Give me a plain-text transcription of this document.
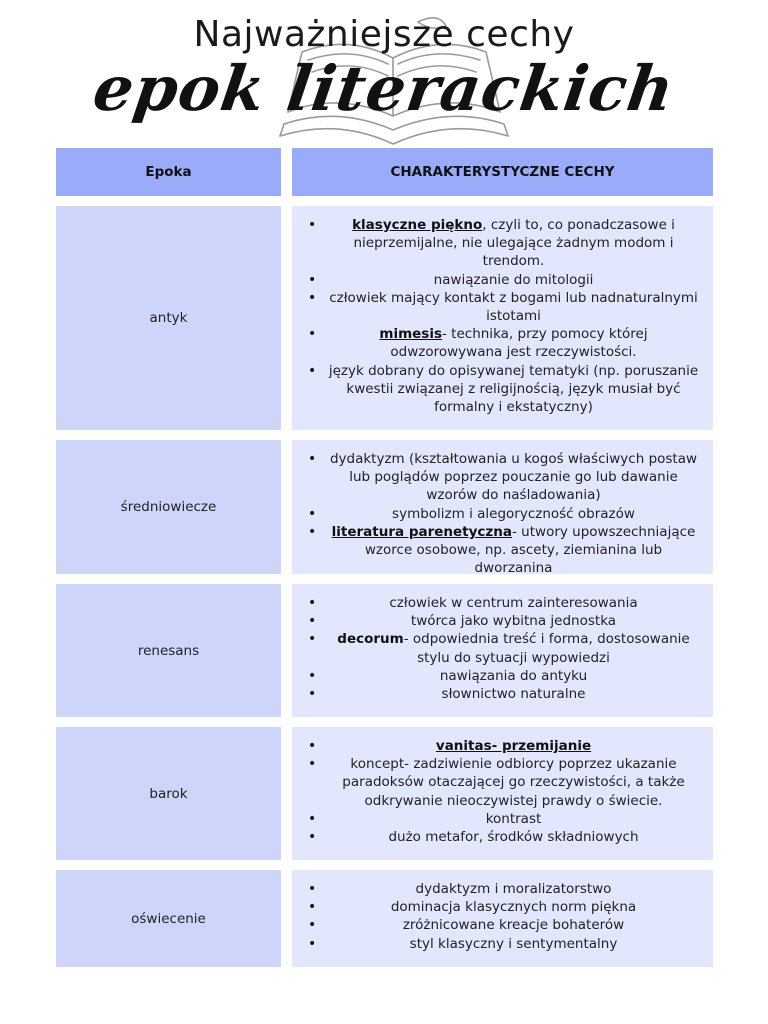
Najważniejsze cechy
epok literackich
Epoka	CHARAKTERYSTYCZNE CECHY
antyk
• klasyczne piękno, czyli to, co ponadczasowe i nieprzemijalne, nie ulegające żadnym modom i trendom.
• nawiązanie do mitologii
• człowiek mający kontakt z bogami lub nadnaturalnymi istotami
• mimesis- technika, przy pomocy której odwzorowywana jest rzeczywistości.
• język dobrany do opisywanej tematyki (np. poruszanie kwestii związanej z religijnością, język musiał być formalny i ekstatyczny)
średniowiecze
• dydaktyzm (kształtowania u kogoś właściwych postaw lub poglądów poprzez pouczanie go lub dawanie wzorów do naśladowania)
• symbolizm i alegoryczność obrazów
• literatura parenetyczna- utwory upowszechniające wzorce osobowe, np. ascety, ziemianina lub dworzanina
renesans
• człowiek w centrum zainteresowania
• twórca jako wybitna jednostka
• decorum- odpowiednia treść i forma, dostosowanie stylu do sytuacji wypowiedzi
• nawiązania do antyku
• słownictwo naturalne
barok
• vanitas- przemijanie
• koncept- zadziwienie odbiorcy poprzez ukazanie paradoksów otaczającej go rzeczywistości, a także odkrywanie nieoczywistej prawdy o świecie.
• kontrast
• dużo metafor, środków składniowych
oświecenie
• dydaktyzm i moralizatorstwo
• dominacja klasycznych norm piękna
• zróżnicowane kreacje bohaterów
• styl klasyczny i sentymentalny
